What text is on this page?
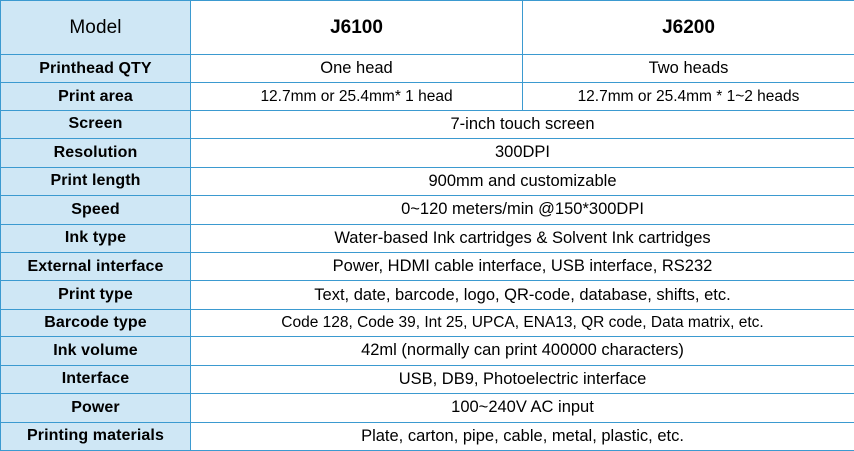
Model	J6100	J6200
Printhead QTY	One head	Two heads
Print area	12.7mm or 25.4mm* 1 head	12.7mm or 25.4mm * 1~2 heads
Screen	7-inch touch screen	
Resolution	300DPI	
Print length	900mm and customizable	
Speed	0~120 meters/min @150*300DPI	
Ink type	Water-based Ink cartridges & Solvent Ink cartridges	
External interface	Power, HDMI cable interface, USB interface, RS232	
Print type	Text, date, barcode, logo, QR-code, database, shifts, etc.	
Barcode type	Code 128, Code 39, Int 25, UPCA, ENA13, QR code, Data matrix, etc.	
Ink volume	42ml (normally can print 400000 characters)	
Interface	USB, DB9, Photoelectric interface	
Power	100~240V AC input	
Printing materials	Plate, carton, pipe, cable, metal, plastic, etc.	
